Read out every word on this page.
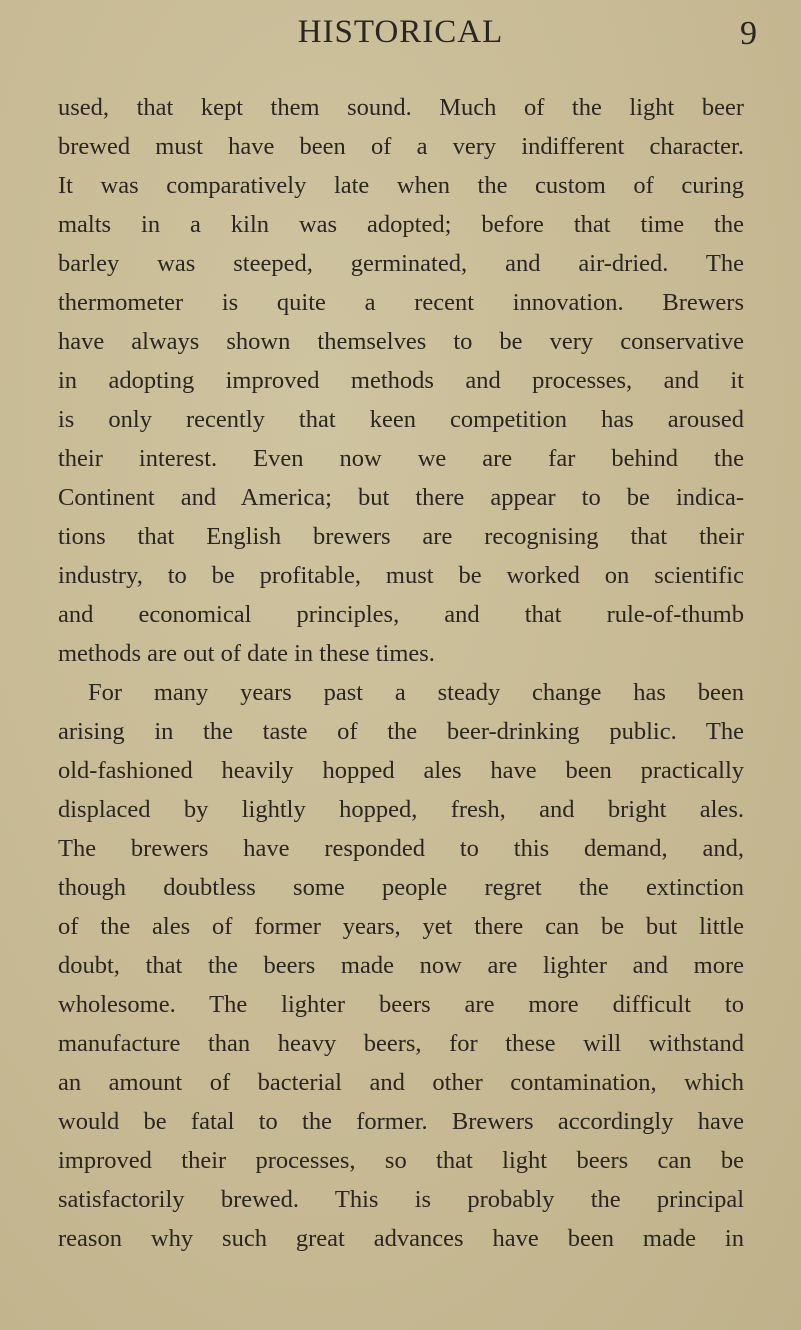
HISTORICAL	9
used, that kept them sound. Much of the light beer
brewed must have been of a very indifferent character.
It was comparatively late when the custom of curing
malts in a kiln was adopted; before that time the
barley was steeped, germinated, and air-dried. The
thermometer is quite a recent innovation. Brewers
have always shown themselves to be very conservative
in adopting improved methods and processes, and it
is only recently that keen competition has aroused
their interest. Even now we are far behind the
Continent and America; but there appear to be indica-
tions that English brewers are recognising that their
industry, to be profitable, must be worked on scientific
and economical principles, and that rule-of-thumb
methods are out of date in these times.
For many years past a steady change has been
arising in the taste of the beer-drinking public. The
old-fashioned heavily hopped ales have been practically
displaced by lightly hopped, fresh, and bright ales.
The brewers have responded to this demand, and,
though doubtless some people regret the extinction
of the ales of former years, yet there can be but little
doubt, that the beers made now are lighter and more
wholesome. The lighter beers are more difficult to
manufacture than heavy beers, for these will withstand
an amount of bacterial and other contamination, which
would be fatal to the former. Brewers accordingly have
improved their processes, so that light beers can be
satisfactorily brewed. This is probably the principal
reason why such great advances have been made in
